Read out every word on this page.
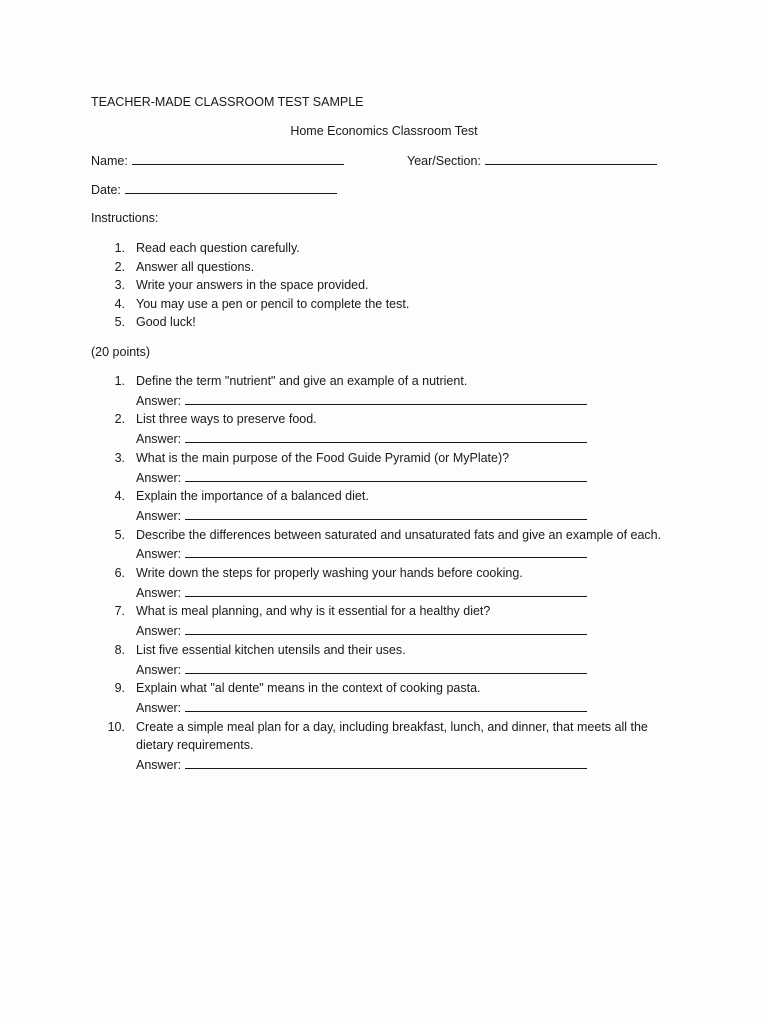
TEACHER-MADE CLASSROOM TEST SAMPLE
Home Economics Classroom Test
Name:	Year/Section:
Date:
Instructions:
1. Read each question carefully.
2. Answer all questions.
3. Write your answers in the space provided.
4. You may use a pen or pencil to complete the test.
5. Good luck!
(20 points)
1. Define the term "nutrient" and give an example of a nutrient.
Answer:
2. List three ways to preserve food.
Answer:
3. What is the main purpose of the Food Guide Pyramid (or MyPlate)?
Answer:
4. Explain the importance of a balanced diet.
Answer:
5. Describe the differences between saturated and unsaturated fats and give an example of each.
Answer:
6. Write down the steps for properly washing your hands before cooking.
Answer:
7. What is meal planning, and why is it essential for a healthy diet?
Answer:
8. List five essential kitchen utensils and their uses.
Answer:
9. Explain what "al dente" means in the context of cooking pasta.
Answer:
10. Create a simple meal plan for a day, including breakfast, lunch, and dinner, that meets all the dietary requirements.
Answer:
